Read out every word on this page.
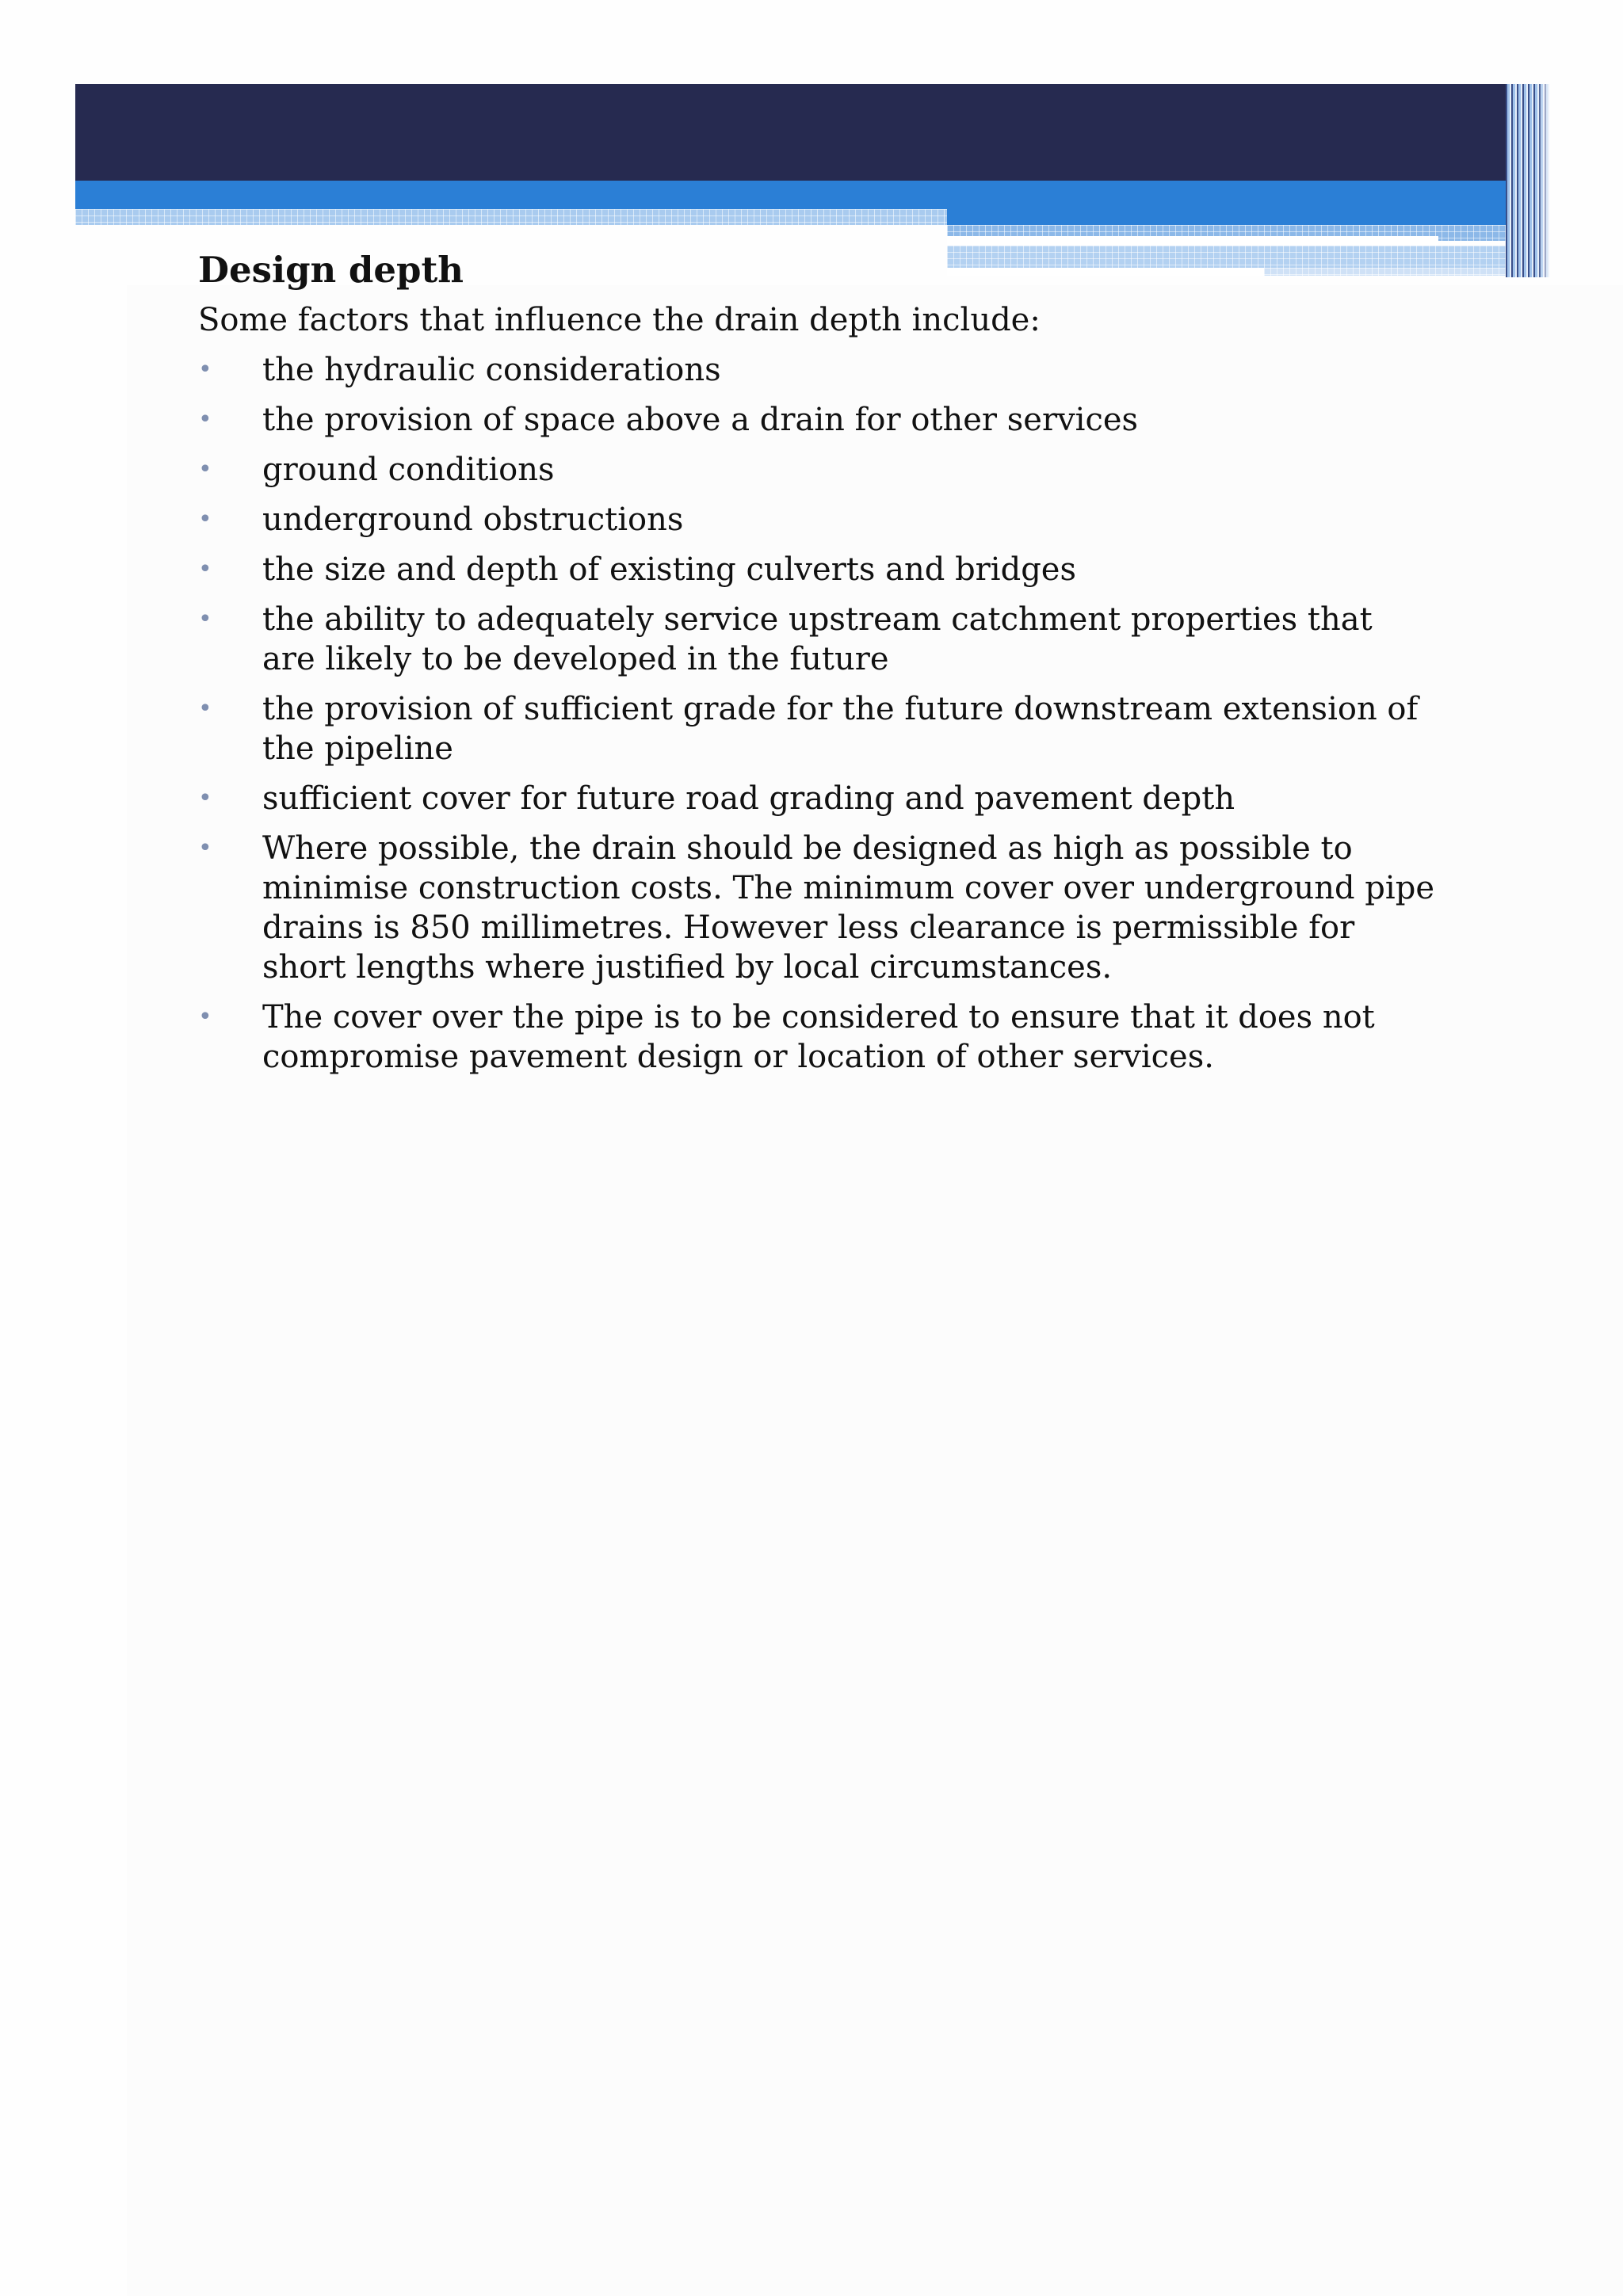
Design depth

Some factors that influence the drain depth include:

• the hydraulic considerations
• the provision of space above a drain for other services
• ground conditions
• underground obstructions
• the size and depth of existing culverts and bridges
• the ability to adequately service upstream catchment properties that are likely to be developed in the future
• the provision of sufficient grade for the future downstream extension of the pipeline
• sufficient cover for future road grading and pavement depth
• Where possible, the drain should be designed as high as possible to minimise construction costs. The minimum cover over underground pipe drains is 850 millimetres. However less clearance is permissible for short lengths where justified by local circumstances.
• The cover over the pipe is to be considered to ensure that it does not compromise pavement design or location of other services.
